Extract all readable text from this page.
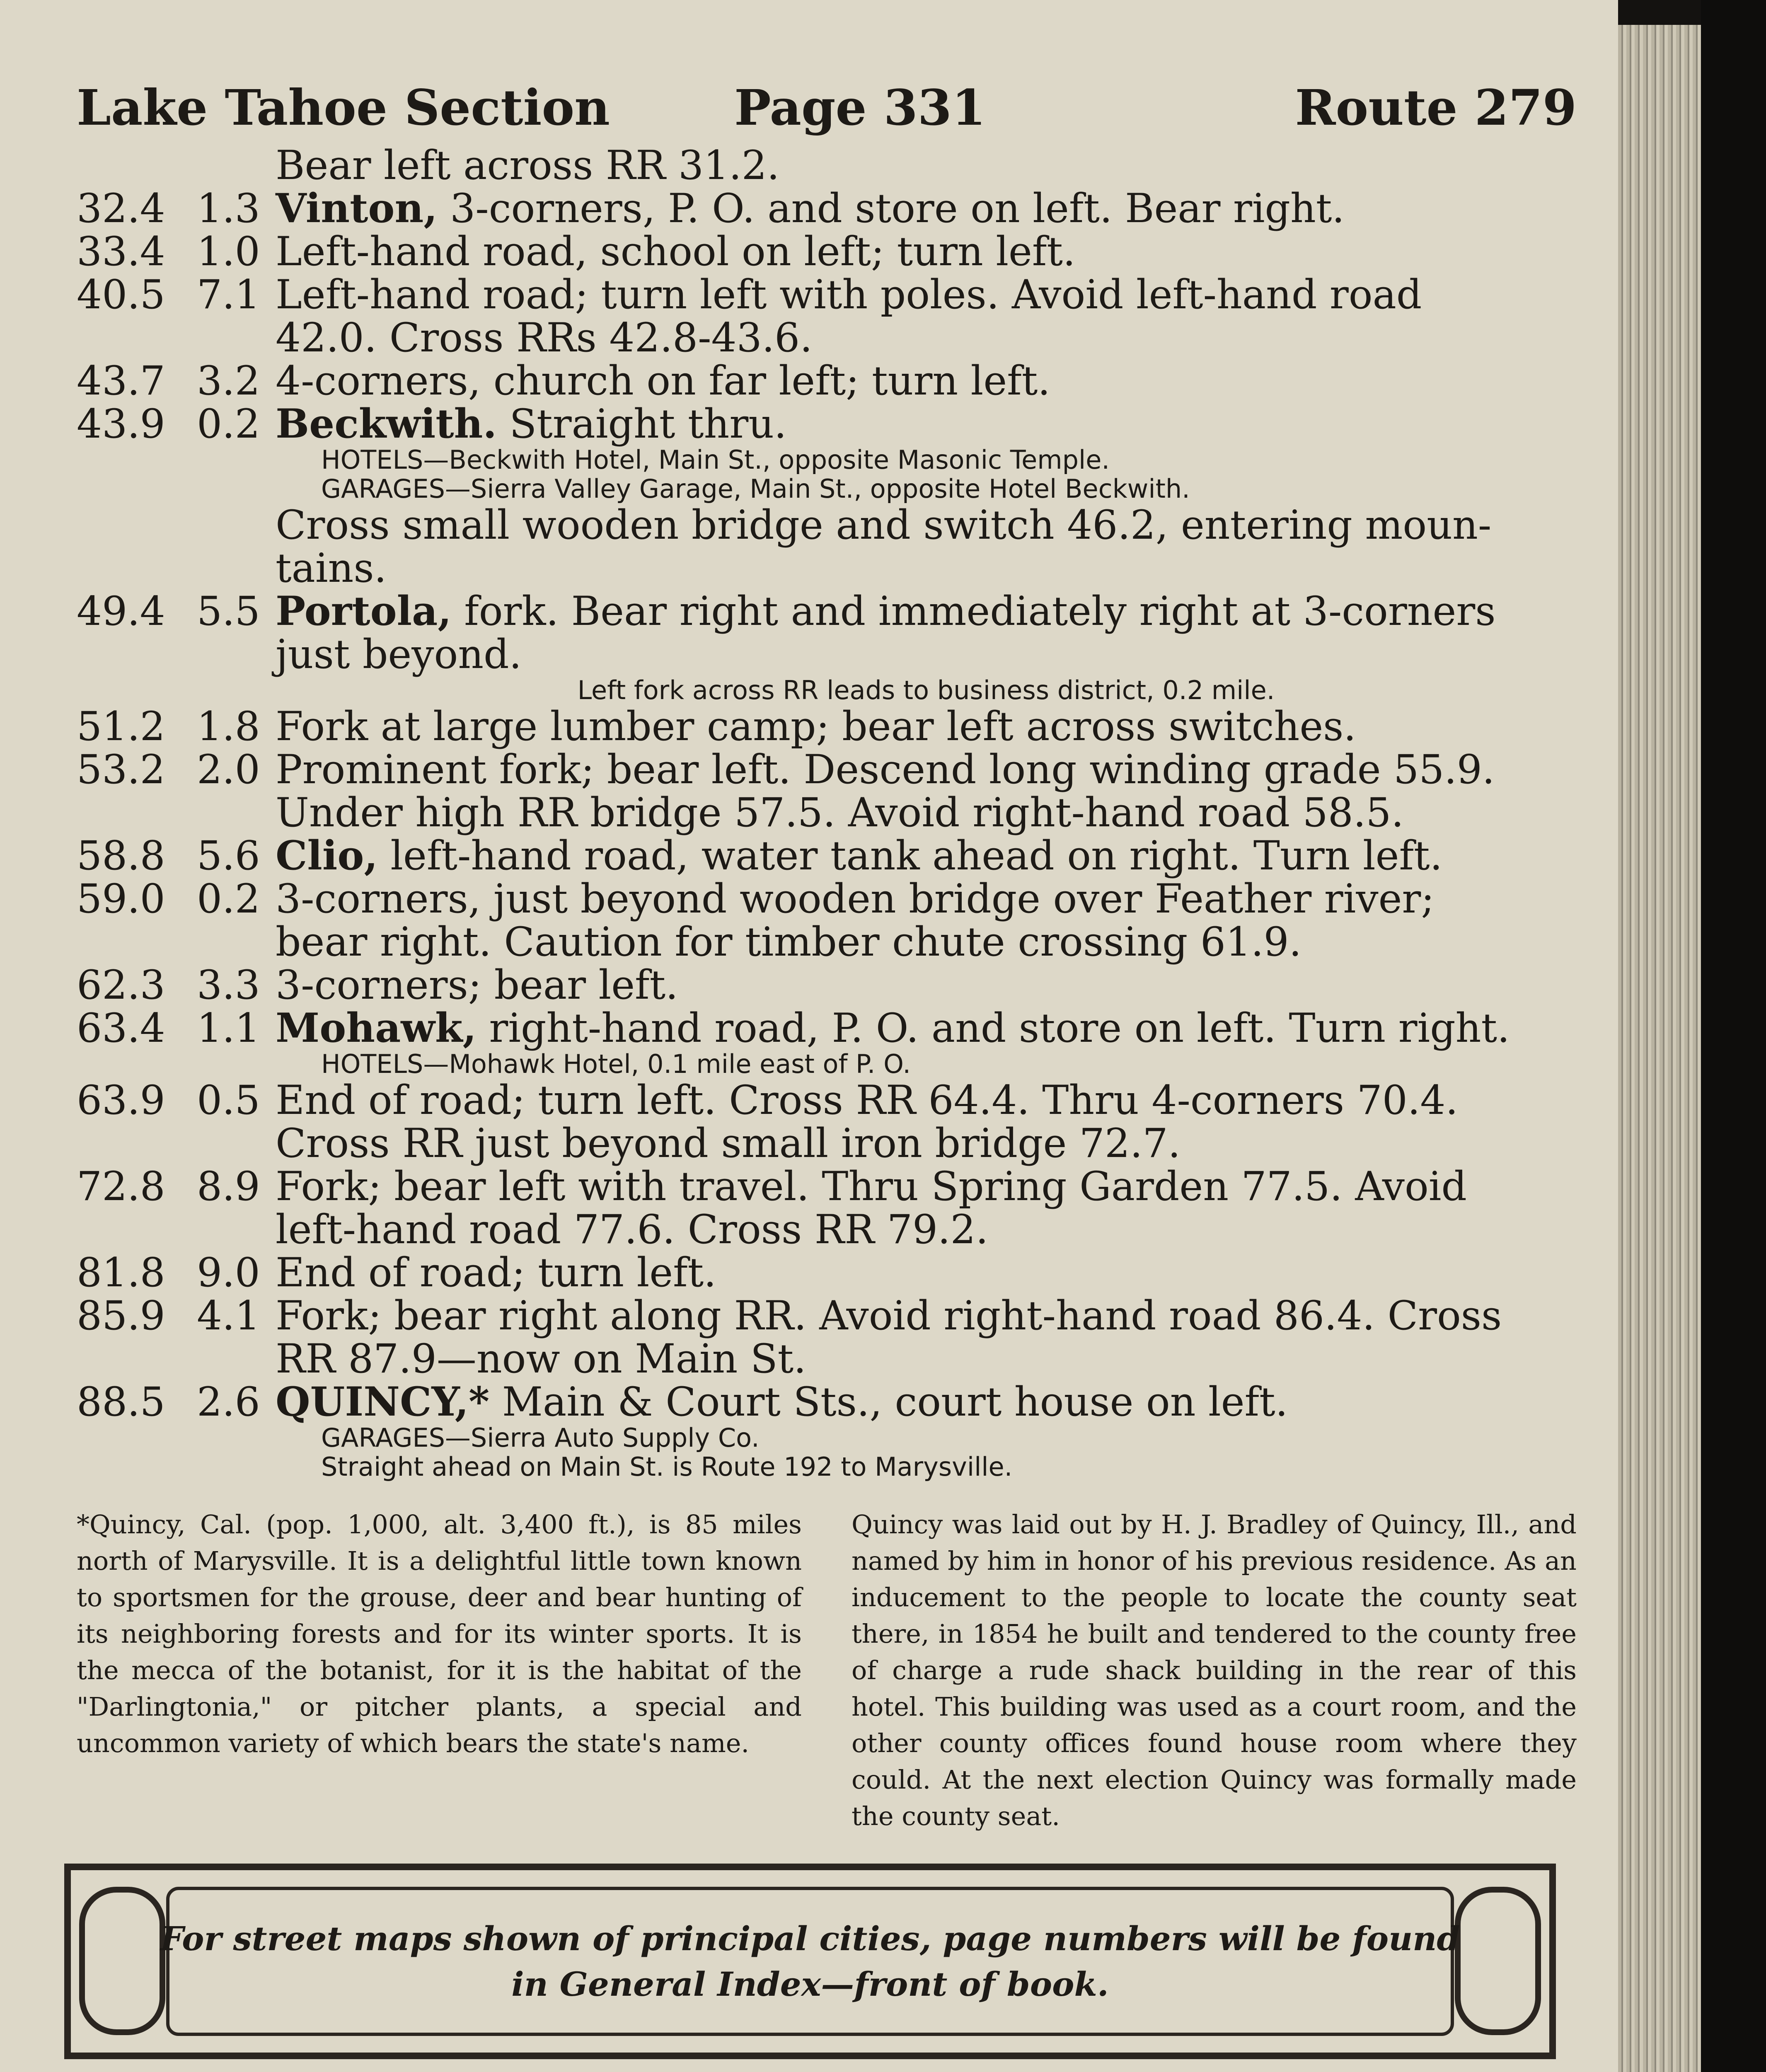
Lake Tahoe Section	Page 331	Route 279
Bear left across RR 31.2.
32.4 1.3 Vinton, 3-corners, P. O. and store on left. Bear right.
33.4 1.0 Left-hand road, school on left; turn left.
40.5 7.1 Left-hand road; turn left with poles. Avoid left-hand road
42.0. Cross RRs 42.8-43.6.
43.7 3.2 4-corners, church on far left; turn left.
43.9 0.2 Beckwith. Straight thru.
HOTELS—Beckwith Hotel, Main St., opposite Masonic Temple.
GARAGES—Sierra Valley Garage, Main St., opposite Hotel Beckwith.
Cross small wooden bridge and switch 46.2, entering moun-
tains.
49.4 5.5 Portola, fork. Bear right and immediately right at 3-corners
just beyond.
Left fork across RR leads to business district, 0.2 mile.
51.2 1.8 Fork at large lumber camp; bear left across switches.
53.2 2.0 Prominent fork; bear left. Descend long winding grade 55.9.
Under high RR bridge 57.5. Avoid right-hand road 58.5.
58.8 5.6 Clio, left-hand road, water tank ahead on right. Turn left.
59.0 0.2 3-corners, just beyond wooden bridge over Feather river;
bear right. Caution for timber chute crossing 61.9.
62.3 3.3 3-corners; bear left.
63.4 1.1 Mohawk, right-hand road, P. O. and store on left. Turn right.
HOTELS—Mohawk Hotel, 0.1 mile east of P. O.
63.9 0.5 End of road; turn left. Cross RR 64.4. Thru 4-corners 70.4.
Cross RR just beyond small iron bridge 72.7.
72.8 8.9 Fork; bear left with travel. Thru Spring Garden 77.5. Avoid
left-hand road 77.6. Cross RR 79.2.
81.8 9.0 End of road; turn left.
85.9 4.1 Fork; bear right along RR. Avoid right-hand road 86.4. Cross
RR 87.9—now on Main St.
88.5 2.6 QUINCY,* Main & Court Sts., court house on left.
GARAGES—Sierra Auto Supply Co.
Straight ahead on Main St. is Route 192 to Marysville.
*Quincy, Cal. (pop. 1,000, alt. 3,400 ft.), is 85 miles north of Marysville. It is a delightful little town known to sportsmen for the grouse, deer and bear hunting of its neighboring forests and for its winter sports. It is the mecca of the botanist, for it is the habitat of the "Darlingtonia," or pitcher plants, a special and uncommon variety of which bears the state's name.
Quincy was laid out by H. J. Bradley of Quincy, Ill., and named by him in honor of his previous residence. As an inducement to the people to locate the county seat there, in 1854 he built and tendered to the county free of charge a rude shack building in the rear of this hotel. This building was used as a court room, and the other county offices found house room where they could. At the next election Quincy was formally made the county seat.
For street maps shown of principal cities, page numbers will be found
in General Index—front of book.
